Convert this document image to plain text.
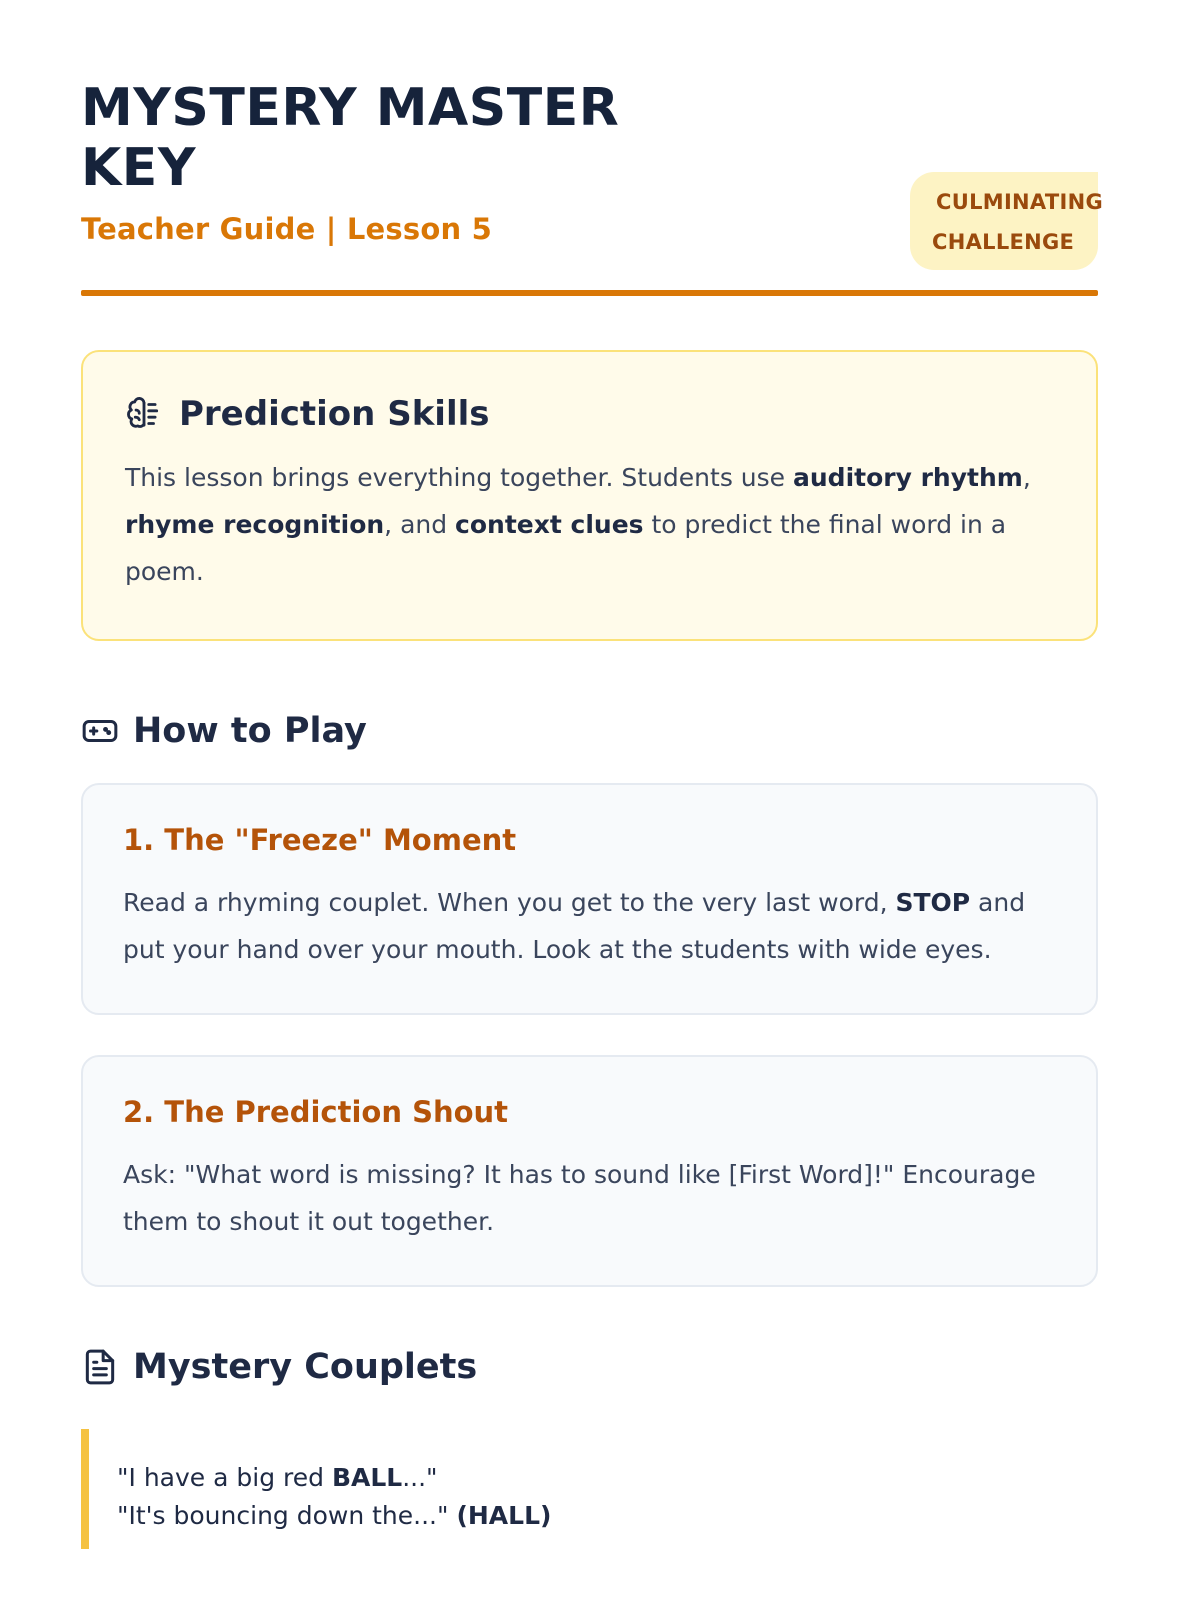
MYSTERY MASTER KEY
Teacher Guide | Lesson 5
CULMINATING
CHALLENGE
Prediction Skills

This lesson brings everything together. Students use auditory rhythm, rhyme recognition, and context clues to predict the final word in a poem.

How to Play
1. The "Freeze" Moment

Read a rhyming couplet. When you get to the very last word, STOP and put your hand over your mouth. Look at the students with wide eyes.

2. The Prediction Shout

Ask: "What word is missing? It has to sound like [First Word]!" Encourage them to shout it out together.

Mystery Couplets
"I have a big red BALL..."
"It's bouncing down the..." (HALL)
